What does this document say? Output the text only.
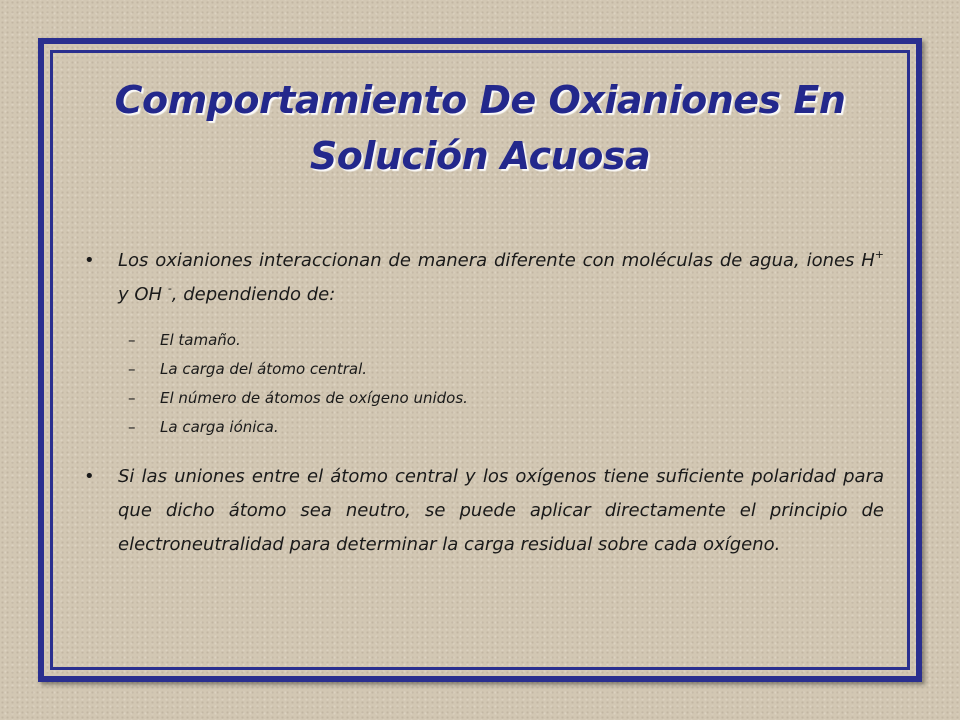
Comportamiento De Oxianiones En
Solución Acuosa
• Los oxianiones interaccionan de manera diferente con moléculas de agua, iones H+ y OH -, dependiendo de:
– El tamaño.
– La carga del átomo central.
– El número de átomos de oxígeno unidos.
– La carga iónica.
• Si las uniones entre el átomo central y los oxígenos tiene suficiente polaridad para que dicho átomo sea neutro, se puede aplicar directamente el principio de electroneutralidad para determinar la carga residual sobre cada oxígeno.
